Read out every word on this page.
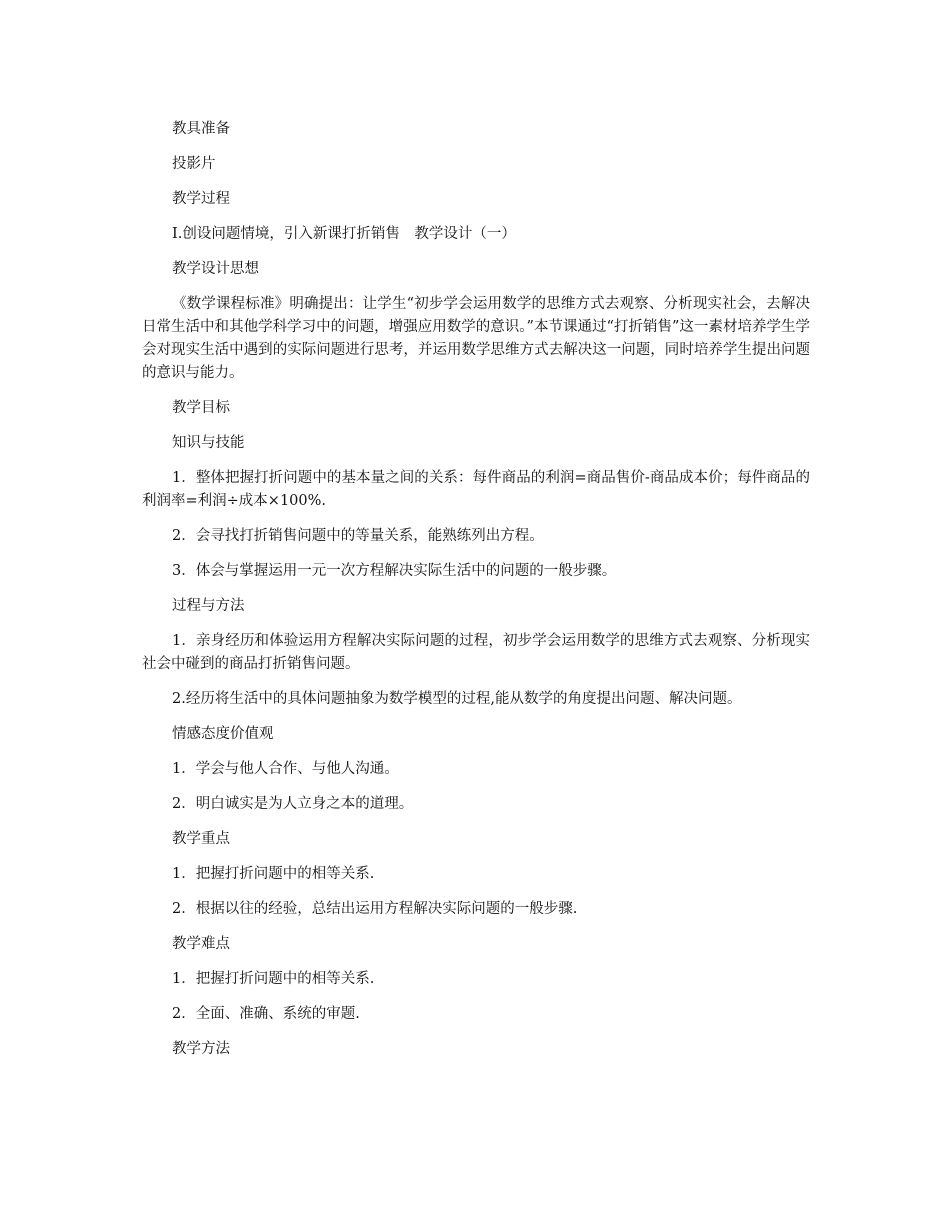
教具准备
投影片
教学过程
Ⅰ.创设问题情境，引入新课打折销售　教学设计（一）
教学设计思想

《数学课程标准》明确提出：让学生“初步学会运用数学的思维方式去观察、分析现实社会，去解决日常生活中和其他学科学习中的问题，增强应用数学的意识。”本节课通过“打折销售”这一素材培养学生学会对现实生活中遇到的实际问题进行思考，并运用数学思维方式去解决这一问题，同时培养学生提出问题的意识与能力。

教学目标
知识与技能

1．整体把握打折问题中的基本量之间的关系：每件商品的利润=商品售价-商品成本价；每件商品的利润率=利润÷成本×100%.

2．会寻找打折销售问题中的等量关系，能熟练列出方程。
3．体会与掌握运用一元一次方程解决实际生活中的问题的一般步骤。
过程与方法

1．亲身经历和体验运用方程解决实际问题的过程，初步学会运用数学的思维方式去观察、分析现实社会中碰到的商品打折销售问题。

2.经历将生活中的具体问题抽象为数学模型的过程,能从数学的角度提出问题、解决问题。
情感态度价值观
1．学会与他人合作、与他人沟通。
2．明白诚实是为人立身之本的道理。
教学重点
1．把握打折问题中的相等关系.
2．根据以往的经验，总结出运用方程解决实际问题的一般步骤.
教学难点
1．把握打折问题中的相等关系.
2．全面、准确、系统的审题.
教学方法
